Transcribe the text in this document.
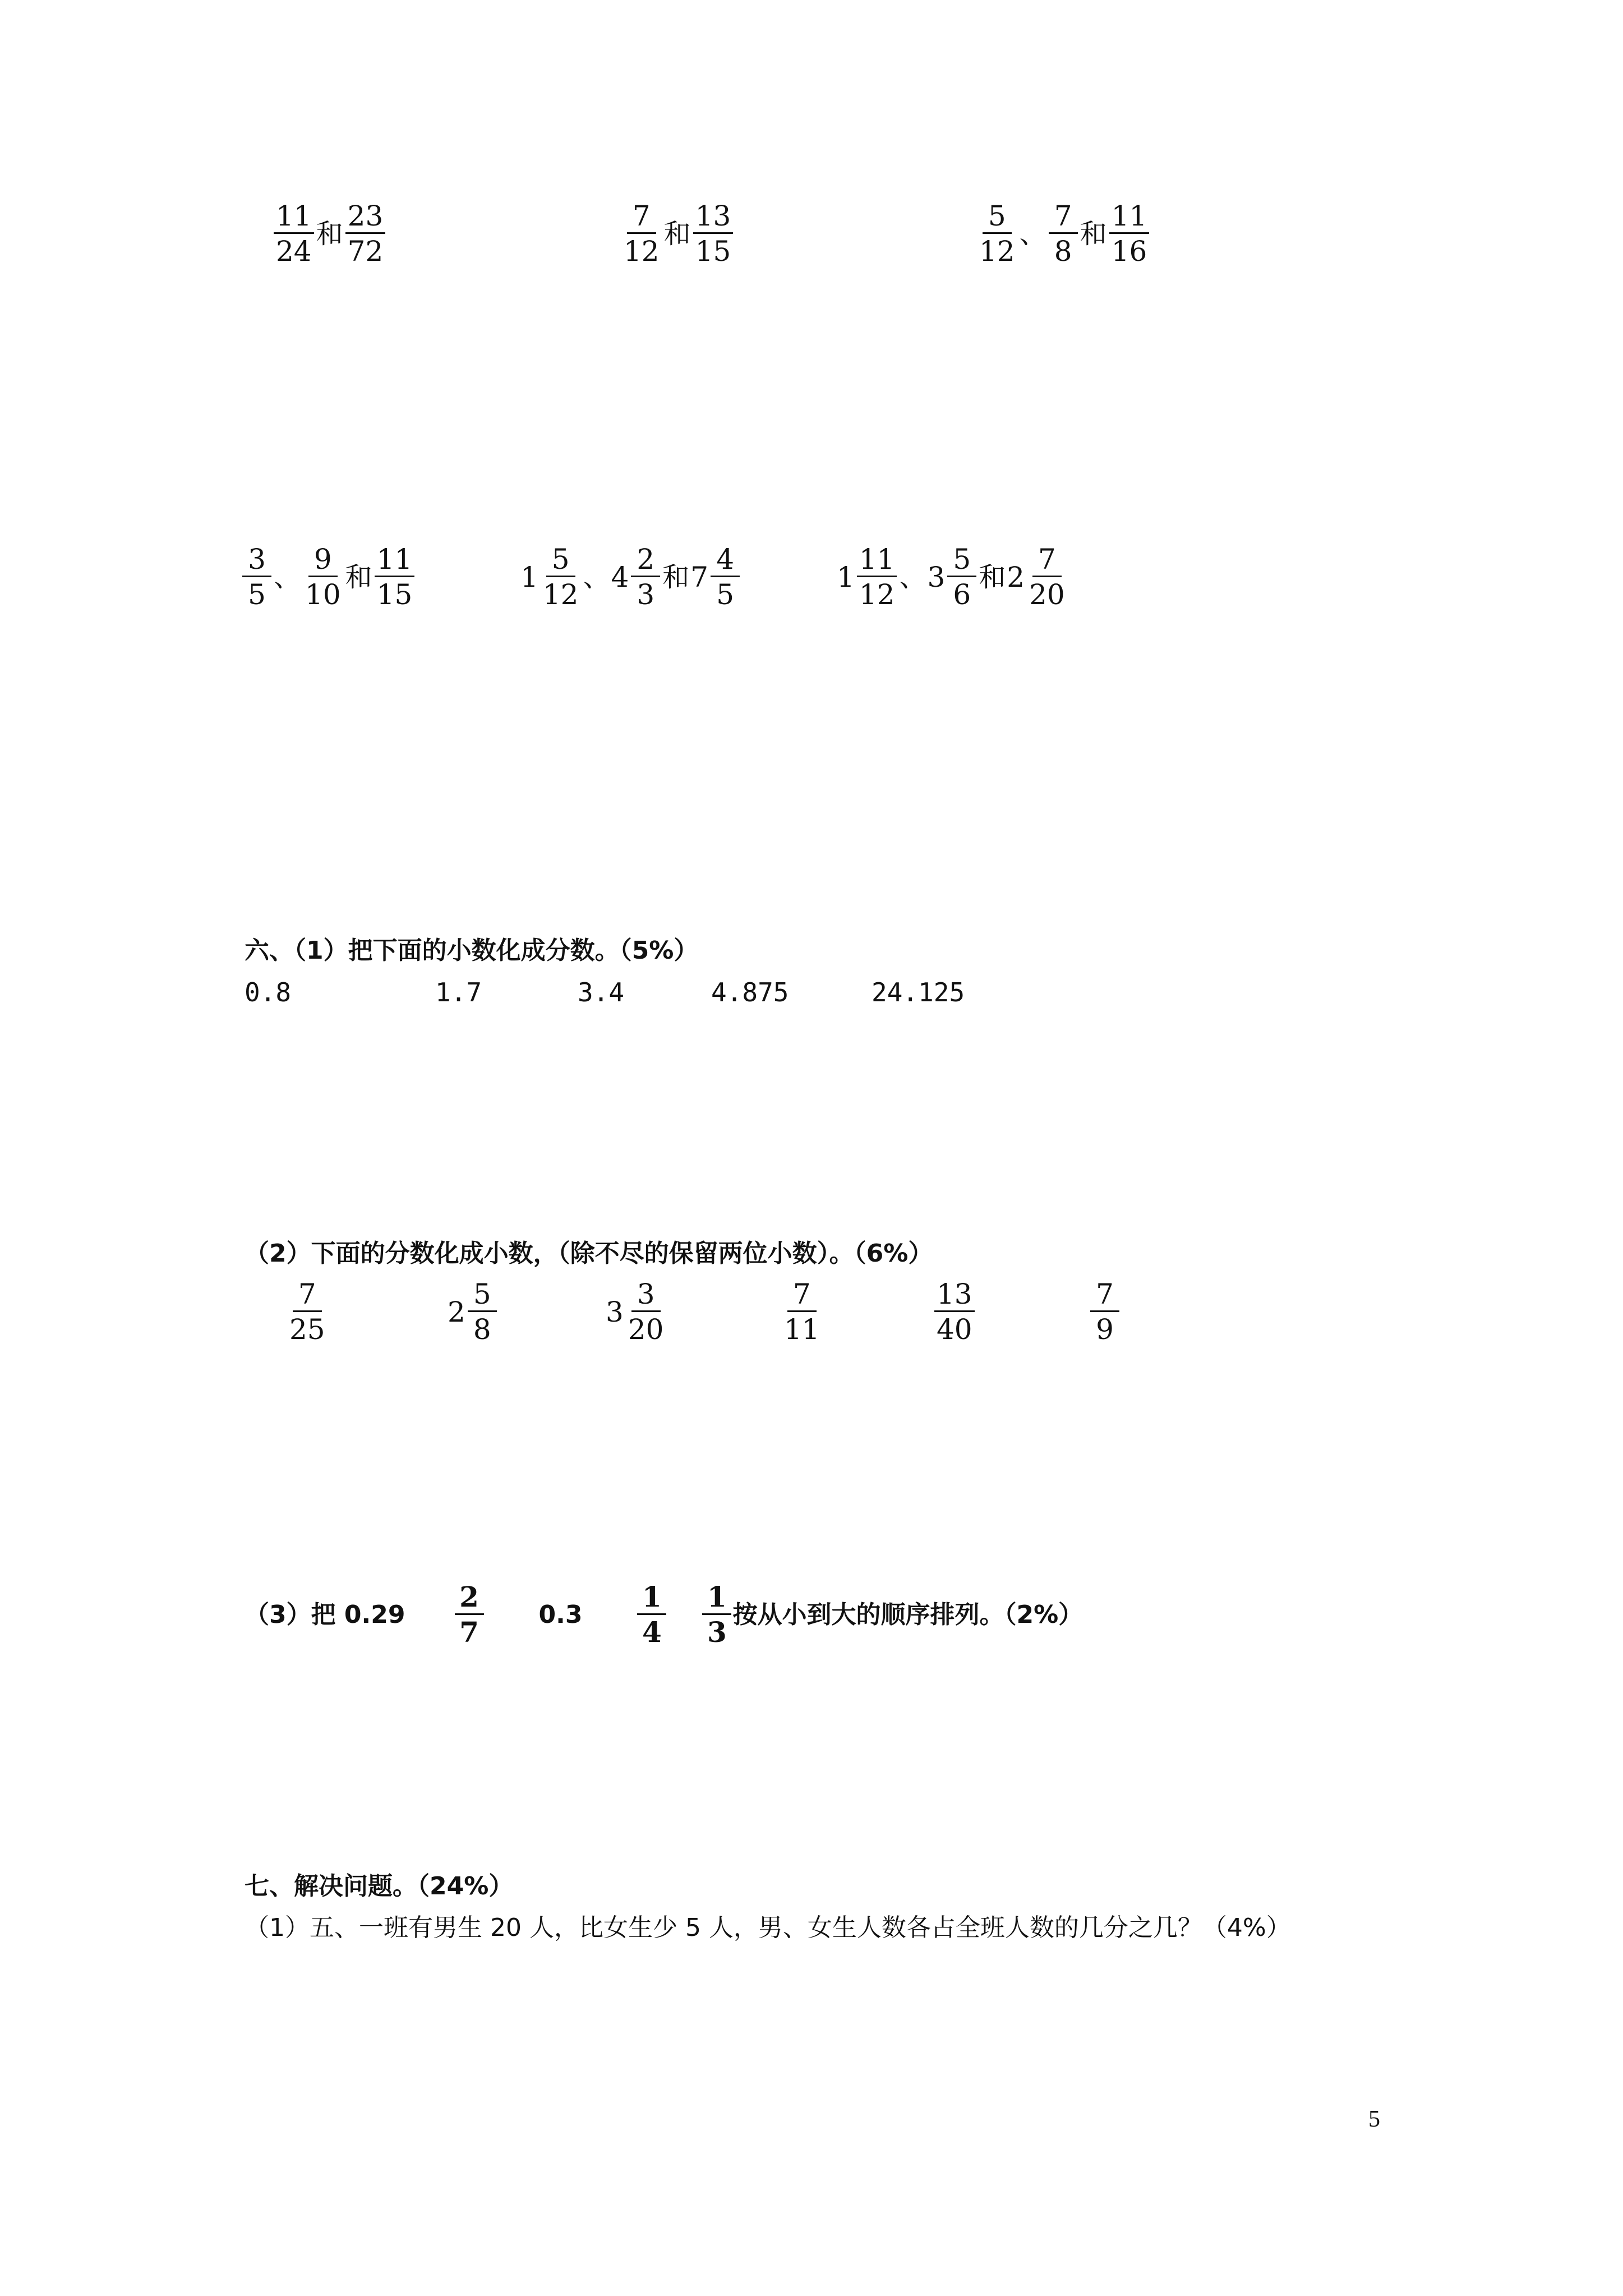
$\frac{11}{24}$ 和 $\frac{23}{72}$	$\frac{7}{12}$ 和 $\frac{13}{15}$	$\frac{5}{12}$ 、 $\frac{7}{8}$ 和 $\frac{11}{16}$
$\frac{3}{5}$ 、 $\frac{9}{10}$ 和 $\frac{11}{15}$	$1 \frac{5}{12}$ 、 $4 \frac{2}{3}$ 和 $7 \frac{4}{5}$	$1 \frac{11}{12}$ 、 $3 \frac{5}{6}$ 和 $2 \frac{7}{20}$
六、（1）把下面的小数化成分数。（5%）
0.8	1.7	3.4	4.875	24.125
（2）下面的分数化成小数，（除不尽的保留两位小数）。（6%）
$\frac{7}{25}$	$2 \frac{5}{8}$	$3 \frac{3}{20}$	$\frac{7}{11}$	$\frac{13}{40}$	$\frac{7}{9}$
（3）把 $0.29 \frac{2}{7} 0.3 \frac{1}{4} \frac{1}{3}$ 按从小到大的顺序排列。（2%）
七、解决问题。（24%）
（1）五、一班有男生 20 人，比女生少 5 人，男、女生人数各占全班人数的几分之几？（4%）
5
